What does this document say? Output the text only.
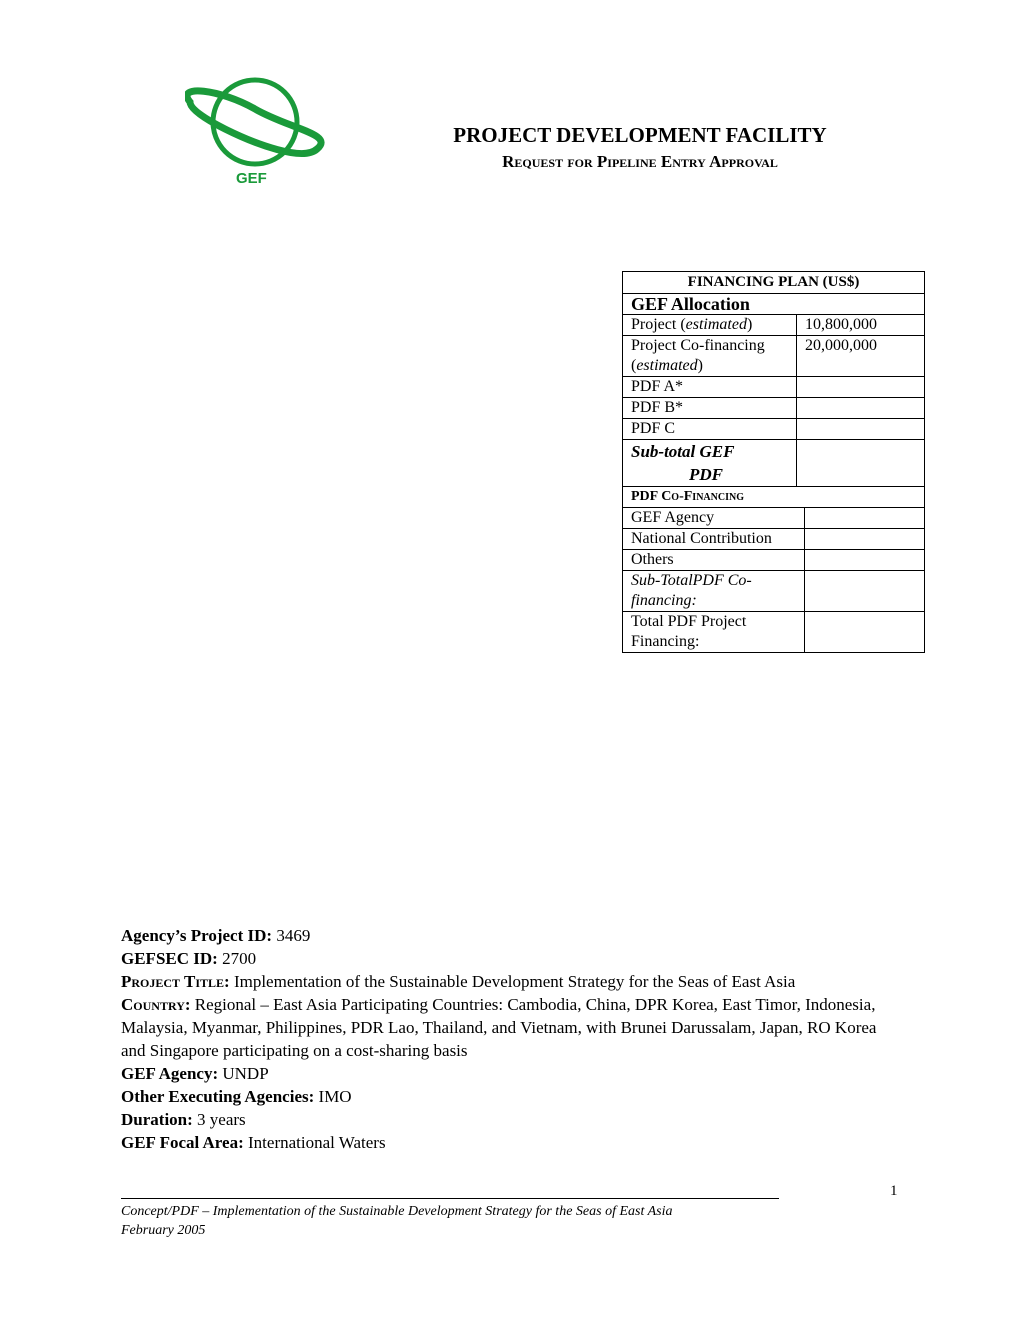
GEF
PROJECT DEVELOPMENT FACILITY
Request for Pipeline Entry Approval
FINANCING PLAN (US$)		
GEF Allocation		
Project (estimated)	10,800,000	
Project Co-financing (estimated)	20,000,000	
PDF A*		
PDF B*		
PDF C		

Sub-total GEF
PDF		

PDF Co-Financing		
GEF Agency		
National Contribution		
Others		

Sub-TotalPDF Co-financing:		

Total PDF Project Financing:		

Agency’s Project ID: 3469

GEFSEC ID: 2700

Project Title: Implementation of the Sustainable Development Strategy for the Seas of East Asia

Country: Regional – East Asia Participating Countries: Cambodia, China, DPR Korea, East Timor, Indonesia, Malaysia, Myanmar, Philippines, PDR Lao, Thailand, and Vietnam, with Brunei Darussalam, Japan, RO Korea and Singapore participating on a cost-sharing basis

GEF Agency: UNDP

Other Executing Agencies: IMO

Duration: 3 years

GEF Focal Area: International Waters

1
Concept/PDF – Implementation of the Sustainable Development Strategy for the Seas of East Asia
February 2005
